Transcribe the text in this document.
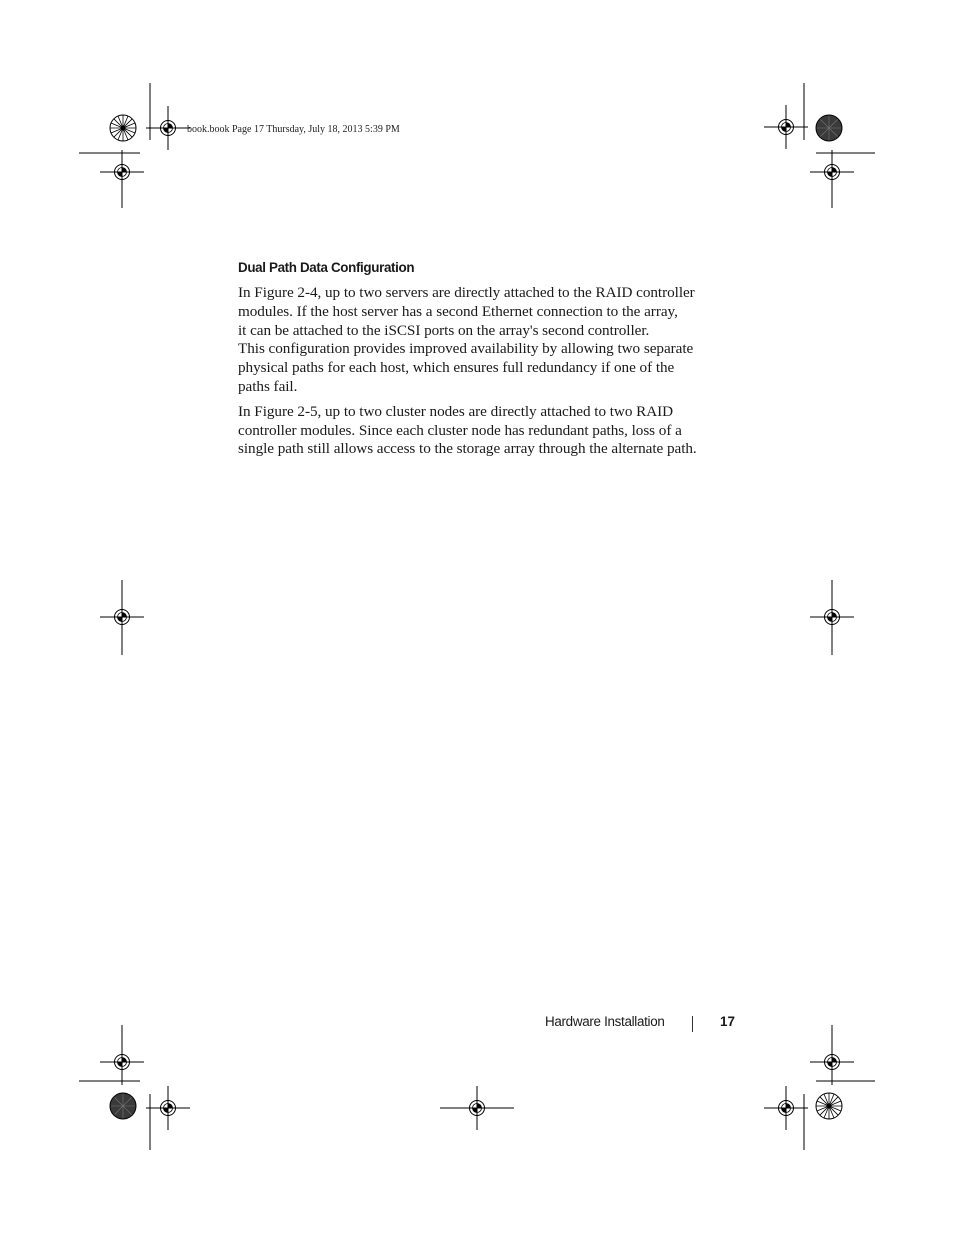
book.book Page 17 Thursday, July 18, 2013 5:39 PM
Dual Path Data Configuration

In Figure 2-4, up to two servers are directly attached to the RAID controller
modules. If the host server has a second Ethernet connection to the array,
it can be attached to the iSCSI ports on the array's second controller.
This configuration provides improved availability by allowing two separate
physical paths for each host, which ensures full redundancy if one of the
paths fail.

In Figure 2-5, up to two cluster nodes are directly attached to two RAID
controller modules. Since each cluster node has redundant paths, loss of a
single path still allows access to the storage array through the alternate path.

Hardware Installation	17
